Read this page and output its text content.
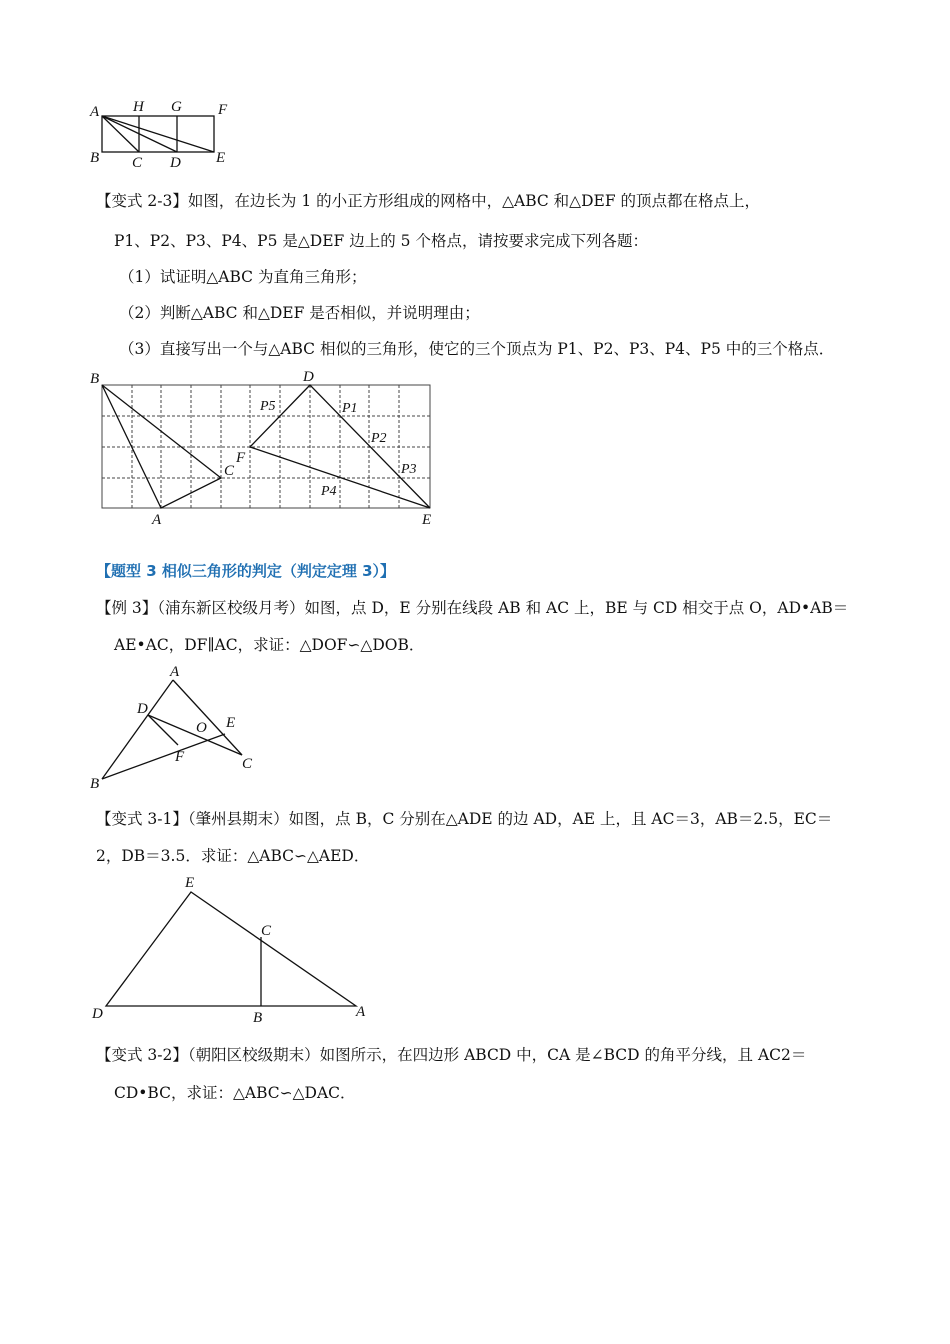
A H G F
B C D E
【变式 2-3】如图，在边长为 1 的小正方形组成的网格中，△ABC 和△DEF 的顶点都在格点上，
P1、P2、P3、P4、P5 是△DEF 边上的 5 个格点，请按要求完成下列各题：
（1）试证明△ABC 为直角三角形；
（2）判断△ABC 和△DEF 是否相似，并说明理由；
（3）直接写出一个与△ABC 相似的三角形，使它的三个顶点为 P1、P2、P3、P4、P5 中的三个格点．
B
A
C
F
D
E
P1
P2
P3
P4
P5
【题型 3 相似三角形的判定（判定定理 3）】
【例 3】（浦东新区校级月考）如图，点 D，E 分别在线段 AB 和 AC 上，BE 与 CD 相交于点 O，AD•AB＝
AE•AC，DF∥AC，求证：△DOF∽△DOB．
A
D
O E
F
B
C
【变式 3-1】（肇州县期末）如图，点 B，C 分别在△ADE 的边 AD，AE 上，且 AC＝3，AB＝2.5，EC＝
2，DB＝3.5．求证：△ABC∽△AED．
E
C
D	B	A
【变式 3-2】（朝阳区校级期末）如图所示，在四边形 ABCD 中，CA 是∠BCD 的角平分线，且 AC2＝
CD•BC，求证：△ABC∽△DAC．
